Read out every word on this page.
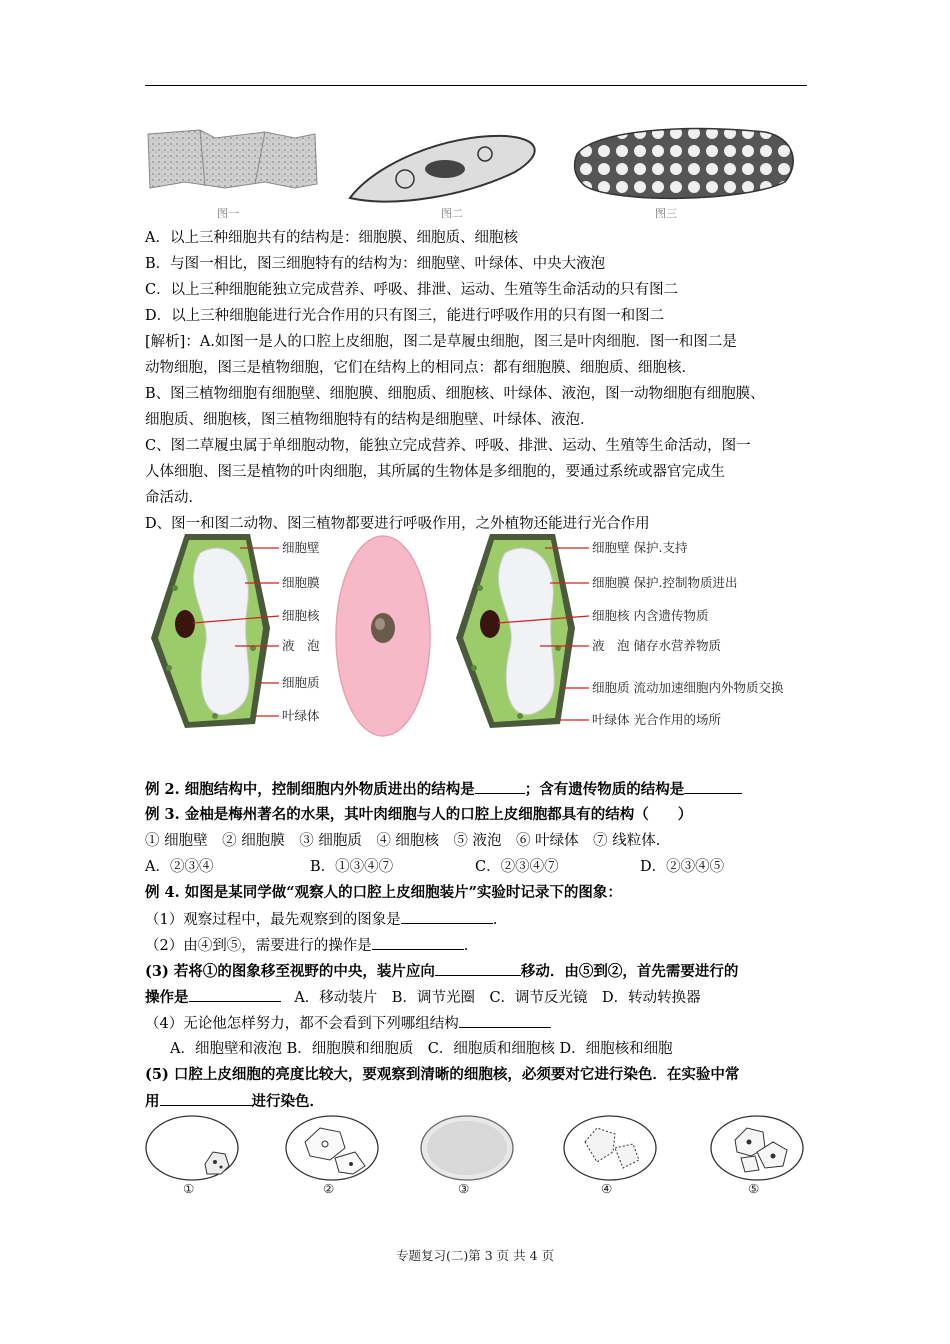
图一	图二	图三
A．以上三种细胞共有的结构是：细胞膜、细胞质、细胞核
B．与图一相比，图三细胞特有的结构为：细胞壁、叶绿体、中央大液泡
C．以上三种细胞能独立完成营养、呼吸、排泄、运动、生殖等生命活动的只有图二
D．以上三种细胞能进行光合作用的只有图三，能进行呼吸作用的只有图一和图二
[解析]：A.如图一是人的口腔上皮细胞，图二是草履虫细胞，图三是叶肉细胞．图一和图二是
动物细胞，图三是植物细胞，它们在结构上的相同点：都有细胞膜、细胞质、细胞核．
B、图三植物细胞有细胞壁、细胞膜、细胞质、细胞核、叶绿体、液泡，图一动物细胞有细胞膜、
细胞质、细胞核，图三植物细胞特有的结构是细胞壁、叶绿体、液泡．
C、图二草履虫属于单细胞动物，能独立完成营养、呼吸、排泄、运动、生殖等生命活动，图一
人体细胞、图三是植物的叶肉细胞，其所属的生物体是多细胞的，要通过系统或器官完成生
命活动．
D、图一和图二动物、图三植物都要进行呼吸作用，之外植物还能进行光合作用
细胞壁
细胞膜
细胞核
液　泡
细胞质
叶绿体
细胞壁 保护.支持
细胞膜 保护.控制物质进出
细胞核 内含遗传物质
液　泡 储存水营养物质
细胞质 流动加速细胞内外物质交换
叶绿体 光合作用的场所
例 2. 细胞结构中，控制细胞内外物质进出的结构是	；含有遗传物质的结构是
例 3. 金柚是梅州著名的水果，其叶肉细胞与人的口腔上皮细胞都具有的结构（　　）
① 细胞壁　② 细胞膜　③ 细胞质　④ 细胞核　⑤ 液泡　⑥ 叶绿体　⑦ 线粒体．
A．②③④	B．①③④⑦	C．②③④⑦	D．②③④⑤
例 4. 如图是某同学做“观察人的口腔上皮细胞装片”实验时记录下的图象：
（1）观察过程中，最先观察到的图象是	.
（2）由④到⑤，需要进行的操作是	.
(3) 若将①的图象移至视野的中央，装片应向	移动．由⑤到②，首先需要进行的
操作是	A．移动装片　B．调节光圈　C．调节反光镜　D．转动转换器
（4）无论他怎样努力，都不会看到下列哪组结构
A．细胞壁和液泡 B．细胞膜和细胞质　C．细胞质和细胞核 D．细胞核和细胞
(5) 口腔上皮细胞的亮度比较大，要观察到清晰的细胞核，必须要对它进行染色．在实验中常
用	进行染色．
①	②	③	④	⑤
专题复习(二)第 3 页 共 4 页
